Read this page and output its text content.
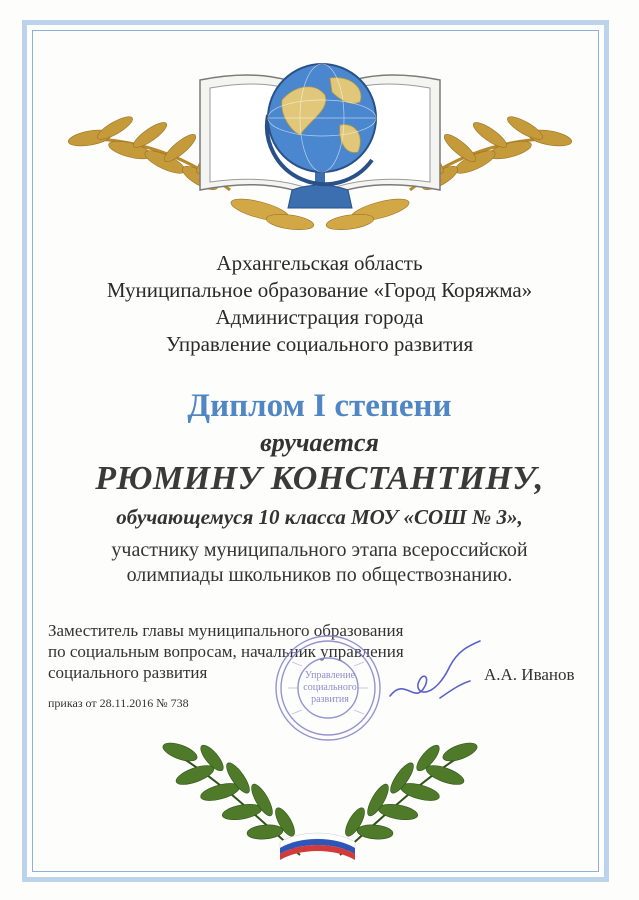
Архангельская область
Муниципальное образование «Город Коряжма»
Администрация города
Управление социального развития
Диплом I степени
вручается
РЮМИНУ КОНСТАНТИНУ,
обучающемуся 10 класса МОУ «СОШ № 3»,
участнику муниципального этапа всероссийской
олимпиады школьников по обществознанию.
Заместитель главы муниципального образования
по социальным вопросам, начальник управления
социального развития	А.А. Иванов
приказ от 28.11.2016 № 738
Управление социального развития
